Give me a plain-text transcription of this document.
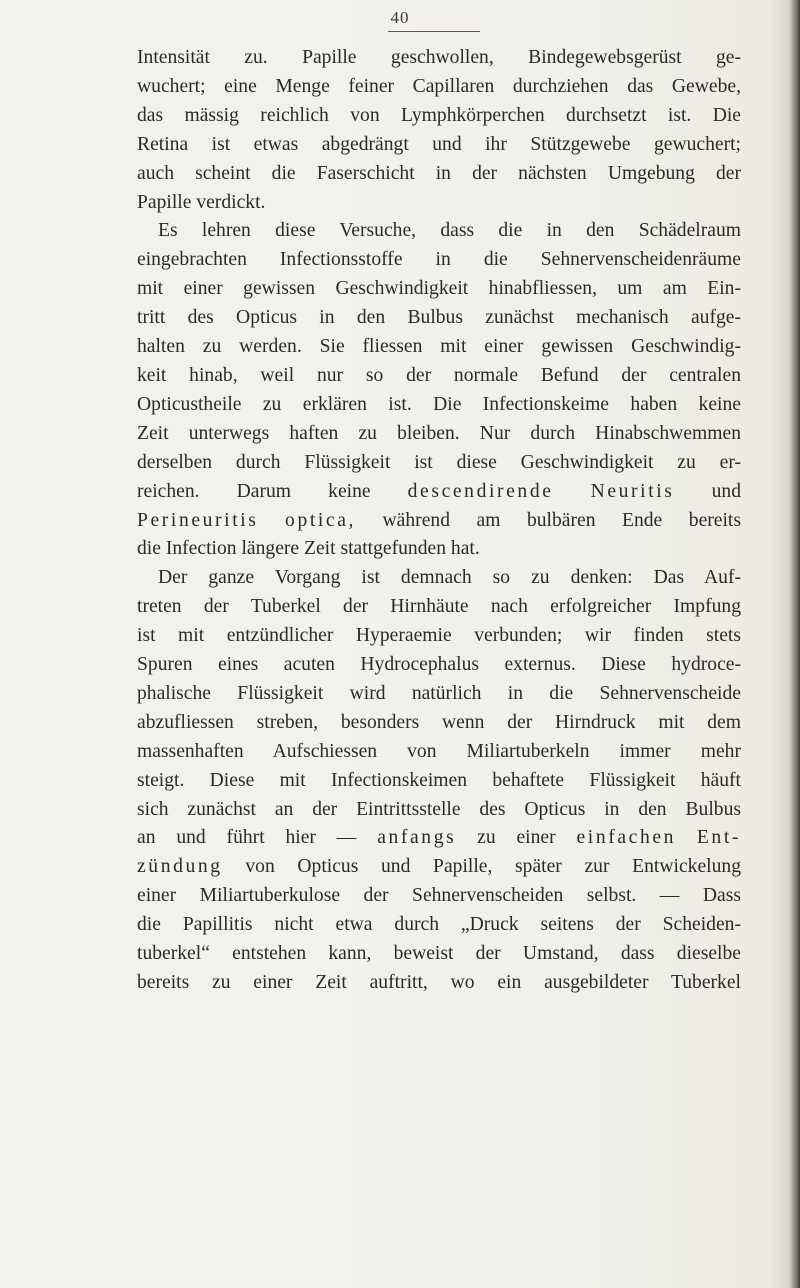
40

Intensität zu. Papille geschwollen, Bindegewebsgerüst ge-
wuchert; eine Menge feiner Capillaren durchziehen das Gewebe,
das mässig reichlich von Lymphkörperchen durchsetzt ist. Die
Retina ist etwas abgedrängt und ihr Stützgewebe gewuchert;
auch scheint die Faserschicht in der nächsten Umgebung der
Papille verdickt.

Es lehren diese Versuche, dass die in den Schädelraum
eingebrachten Infectionsstoffe in die Sehnervenscheidenräume
mit einer gewissen Geschwindigkeit hinabfliessen, um am Ein-
tritt des Opticus in den Bulbus zunächst mechanisch aufge-
halten zu werden. Sie fliessen mit einer gewissen Geschwindig-
keit hinab, weil nur so der normale Befund der centralen
Opticustheile zu erklären ist. Die Infectionskeime haben keine
Zeit unterwegs haften zu bleiben. Nur durch Hinabschwemmen
derselben durch Flüssigkeit ist diese Geschwindigkeit zu er-
reichen. Darum keine descendirende Neuritis und
Perineuritis optica, während am bulbären Ende bereits
die Infection längere Zeit stattgefunden hat.

Der ganze Vorgang ist demnach so zu denken: Das Auf-
treten der Tuberkel der Hirnhäute nach erfolgreicher Impfung
ist mit entzündlicher Hyperaemie verbunden; wir finden stets
Spuren eines acuten Hydrocephalus externus. Diese hydroce-
phalische Flüssigkeit wird natürlich in die Sehnervenscheide
abzufliessen streben, besonders wenn der Hirndruck mit dem
massenhaften Aufschiessen von Miliartuberkeln immer mehr
steigt. Diese mit Infectionskeimen behaftete Flüssigkeit häuft
sich zunächst an der Eintrittsstelle des Opticus in den Bulbus
an und führt hier — anfangs zu einer einfachen Ent-
zündung von Opticus und Papille, später zur Entwickelung
einer Miliartuberkulose der Sehnervenscheiden selbst. — Dass
die Papillitis nicht etwa durch „Druck seitens der Scheiden-
tuberkel“ entstehen kann, beweist der Umstand, dass dieselbe
bereits zu einer Zeit auftritt, wo ein ausgebildeter Tuberkel
